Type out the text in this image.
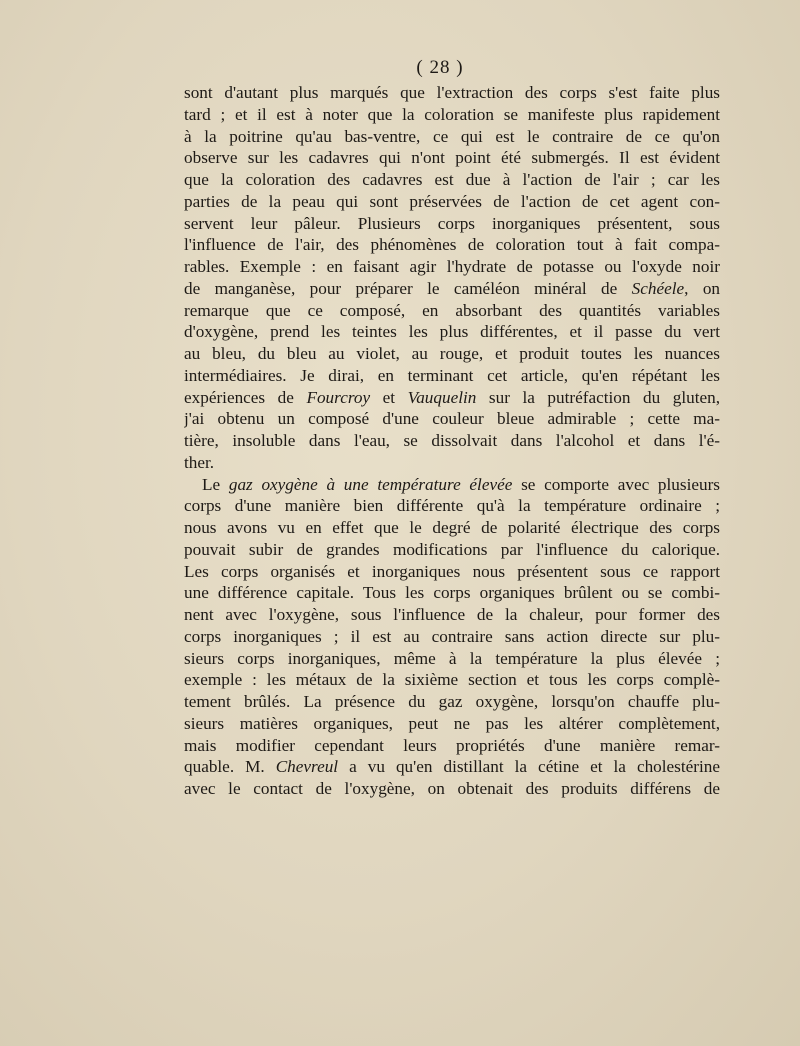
( 28 )
sont d'autant plus marqués que l'extraction des corps s'est faite plus
tard ; et il est à noter que la coloration se manifeste plus rapidement
à la poitrine qu'au bas-ventre, ce qui est le contraire de ce qu'on
observe sur les cadavres qui n'ont point été submergés. Il est évident
que la coloration des cadavres est due à l'action de l'air ; car les
parties de la peau qui sont préservées de l'action de cet agent con-
servent leur pâleur. Plusieurs corps inorganiques présentent, sous
l'influence de l'air, des phénomènes de coloration tout à fait compa-
rables. Exemple : en faisant agir l'hydrate de potasse ou l'oxyde noir
de manganèse, pour préparer le caméléon minéral de Schéele, on
remarque que ce composé, en absorbant des quantités variables
d'oxygène, prend les teintes les plus différentes, et il passe du vert
au bleu, du bleu au violet, au rouge, et produit toutes les nuances
intermédiaires. Je dirai, en terminant cet article, qu'en répétant les
expériences de Fourcroy et Vauquelin sur la putréfaction du gluten,
j'ai obtenu un composé d'une couleur bleue admirable ; cette ma-
tière, insoluble dans l'eau, se dissolvait dans l'alcohol et dans l'é-
ther.
Le gaz oxygène à une température élevée se comporte avec plusieurs
corps d'une manière bien différente qu'à la température ordinaire ;
nous avons vu en effet que le degré de polarité électrique des corps
pouvait subir de grandes modifications par l'influence du calorique.
Les corps organisés et inorganiques nous présentent sous ce rapport
une différence capitale. Tous les corps organiques brûlent ou se combi-
nent avec l'oxygène, sous l'influence de la chaleur, pour former des
corps inorganiques ; il est au contraire sans action directe sur plu-
sieurs corps inorganiques, même à la température la plus élevée ;
exemple : les métaux de la sixième section et tous les corps complè-
tement brûlés. La présence du gaz oxygène, lorsqu'on chauffe plu-
sieurs matières organiques, peut ne pas les altérer complètement,
mais modifier cependant leurs propriétés d'une manière remar-
quable. M. Chevreul a vu qu'en distillant la cétine et la cholestérine
avec le contact de l'oxygène, on obtenait des produits différens de
